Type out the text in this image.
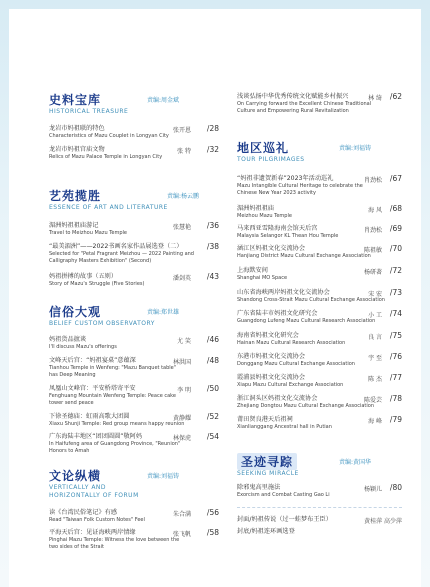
史料宝库
HISTORICAL TREASURE
责编:周金斌
龙岩市妈祖联的特色
Characteristics of Mazu Couplet in Longyan City
张开恩 /28
龙岩市妈祖宫庙文物
Relics of Mazu Palace Temple in Longyan City
张 特 /32
艺苑揽胜
ESSENCE OF ART AND LITERATURE
责编:杨云鹏
湄洲妈祖祖庙游记
Travel to Meizhou Mazu Temple
张慧艳 /36
“最美湄洲”——2022书画名家作品展选登（二）
Selected for "Petal Fragrant Meizhou — 2022 Painting and Calligraphy Masters Exhibition" (Second)
/38
妈祖拼搏的故事（五则）
Story of Mazu's Struggle (Five Stories)
潘剑英 /43
信俗大观
BELIEF CUSTOM OBSERVATORY
责编:郑世雄
妈祖货品摭谈
I'll discuss Mazu's offerings
尤 笑 /46
文峰天后宫：“妈祖宴桌”意蕴深
Tianhou Temple in Wenfeng: "Mazu Banquet table" has Deep Meaning
林洪国 /48
凤凰山文峰宫：平安桥塔寄平安
Fenghuang Mountain Wenfeng Temple: Peace cake tower send peace
李 明 /50
下徐圣德庙：虹雨高歌大团圆
Xiaxu Shunji Temple: Red group means happy reunion
黄静耀 /52
广东海陆丰地区“团团圆圆”敬阿妈
In Haifufeng area of Guangdong Province, "Reunion" Honors to Amah
林保虎 /54
文论纵横
VERTICALLY AND HORIZONTALLY OF FORUM
责编:刘福铸
读《台湾民俗笔记》有感
Read "Taiwan Folk Custom Notes" Feel
朱合满 /56
平海天后宫：见证海峡两岸情缘
Pinghai Mazu Temple: Witness the love between the two sides of the Strait
张飞帆 /58
浅谈弘扬中华优秀传统文化赋能乡村振兴
On Carrying forward the Excellent Chinese Traditional Culture and Empowering Rural Revitalization
林 绮 /62
地区巡礼
TOUR PILGRIMAGES
责编:刘福铸
“妈祖非遗贺新春”2023年活动巡礼
Mazu Intangible Cultural Heritage to celebrate the Chinese New Year 2023 activity
肖劲松 /67
湄洲妈祖祖庙
Meizhou Mazu Temple
海 风 /68
马来西亚雪隆海南会馆天后宫
Malaysia Selangor KL Thean Hou Temple
肖劲松 /69
涵江区妈祖文化交流协会
Hanjiang District Mazu Cultural Exchange Association
陈祖敏 /70
上海默安间
Shanghai MO Space
杨研著 /72
山东省海峡两岸妈祖文化交流协会
Shandong Cross-Strait Mazu Cultural Exchange Association
宋 宏 /73
广东省陆丰市妈祖文化研究会
Guangdong Lufeng Mazu Cultural Research Association
小 工 /74
海南省妈祖文化研究会
Hainan Mazu Cultural Research Association
良 言 /75
东港市妈祖文化交流协会
Donggang Mazu Cultural Exchange Association
宇 至 /76
霞浦县妈祖文化交流协会
Xiapu Mazu Cultural Exchange Association
陈 杰 /77
浙江洞头区妈祖文化交流协会
Zhejiang Dongtou Mazu Cultural Exchange Association
陈爱芸 /78
莆田贤良港天后祖祠
Xianlianggang Ancestral hall in Putian
海 峰 /79
圣迹寻踪
SEEKING MIRACLE
责编:黄国华
除邪鬼高里施法
Exorcism and Combat Casting Gao Li
杨颖儿 /80
封面/妈祖传说（过一蛙梦布王臣）	黄桂萍 高少萍
封底/妈祖连环画选登
